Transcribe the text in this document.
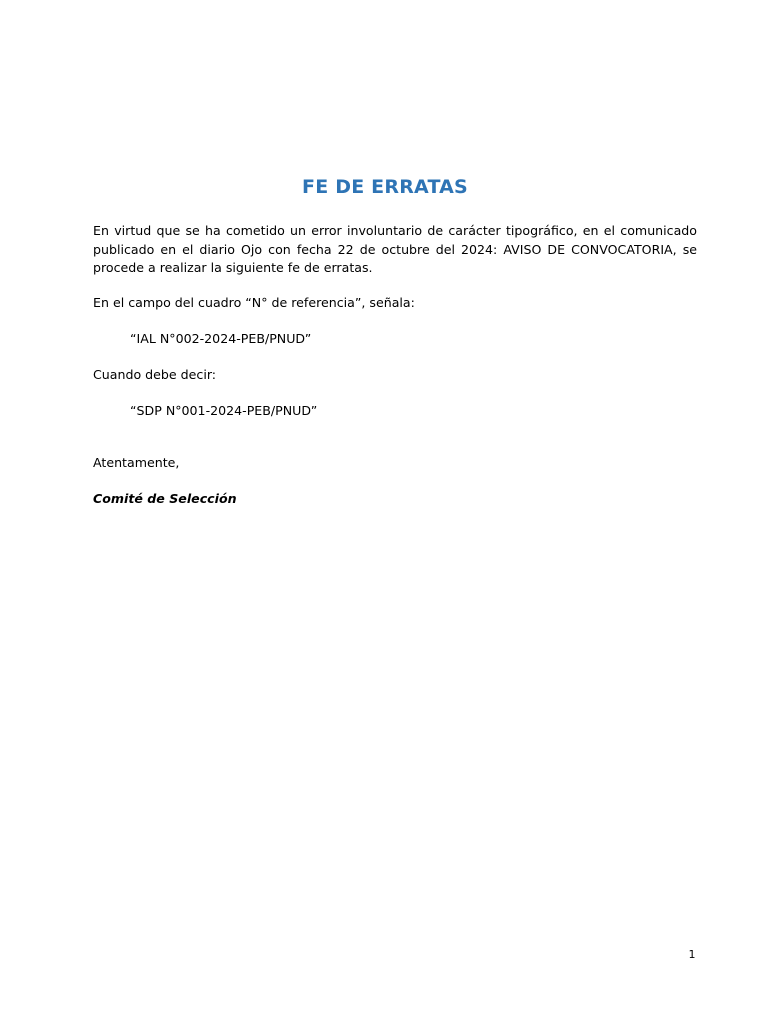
FE DE ERRATAS

En virtud que se ha cometido un error involuntario de carácter tipográfico, en el comunicado publicado en el diario Ojo con fecha 22 de octubre del 2024: AVISO DE CONVOCATORIA, se procede a realizar la siguiente fe de erratas.

En el campo del cuadro “N° de referencia”, señala:

“IAL N°002-2024-PEB/PNUD”

Cuando debe decir:

“SDP N°001-2024-PEB/PNUD”

Atentamente,

Comité de Selección

1
